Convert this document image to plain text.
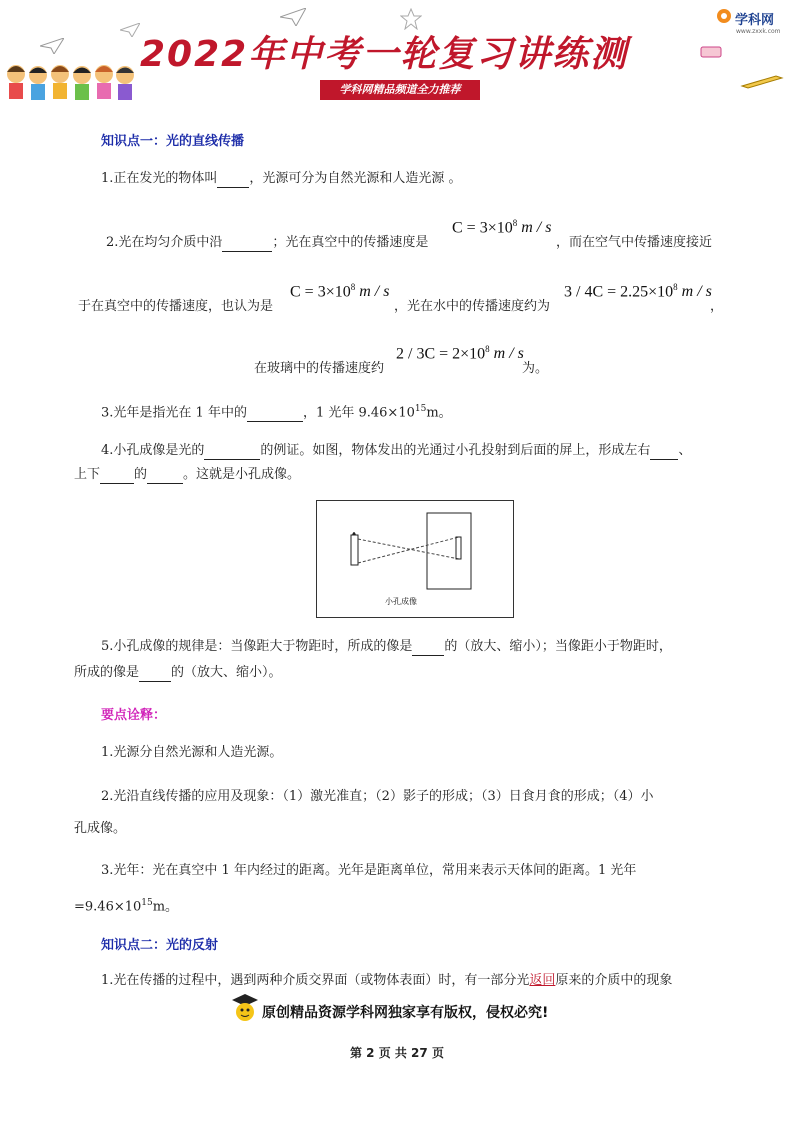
2022年中考一轮复习讲练测
学科网精品频道全力推荐
学科网
www.zxxk.com
知识点一：光的直线传播
1.正在发光的物体叫 ，光源可分为自然光源和人造光源 。
2.光在均匀介质中沿	；光在真空中的传播速度是
$C = 3\times 10^8$ m / s
，而在空气中传播速度接近
于在真空中的传播速度，也认为是
$C = 3\times 10^8$ m / s
，光在水中的传播速度约为
$3 / 4C = 2.25\times 10^8$ m / s
，
在玻璃中的传播速度约
$2 / 3C = 2\times 10^8$ m / s
为。
3.光年是指光在 1 年中的	，1 光年 $9.46\times 10^{15}m$。
4.小孔成像是光的	的例证。如图，物体发出的光通过小孔投射到后面的屏上，形成左右 、
上下	的	。这就是小孔成像。
小孔成像
5.小孔成像的规律是：当像距大于物距时，所成的像是 的（放大、缩小）；当像距小于物距时，
所成的像是 的（放大、缩小）。
要点诠释：
1.光源分自然光源和人造光源。
2.光沿直线传播的应用及现象：（1）激光准直；（2）影子的形成；（3）日食月食的形成；（4）小
孔成像。
3.光年：光在真空中 1 年内经过的距离。光年是距离单位，常用来表示天体间的距离。1 光年
$=9.46\times 10^{15}m$。
知识点二：光的反射
1.光在传播的过程中，遇到两种介质交界面（或物体表面）时，有一部分光返回原来的介质中的现象
原创精品资源学科网独家享有版权，侵权必究!
第 2 页 共 27 页
